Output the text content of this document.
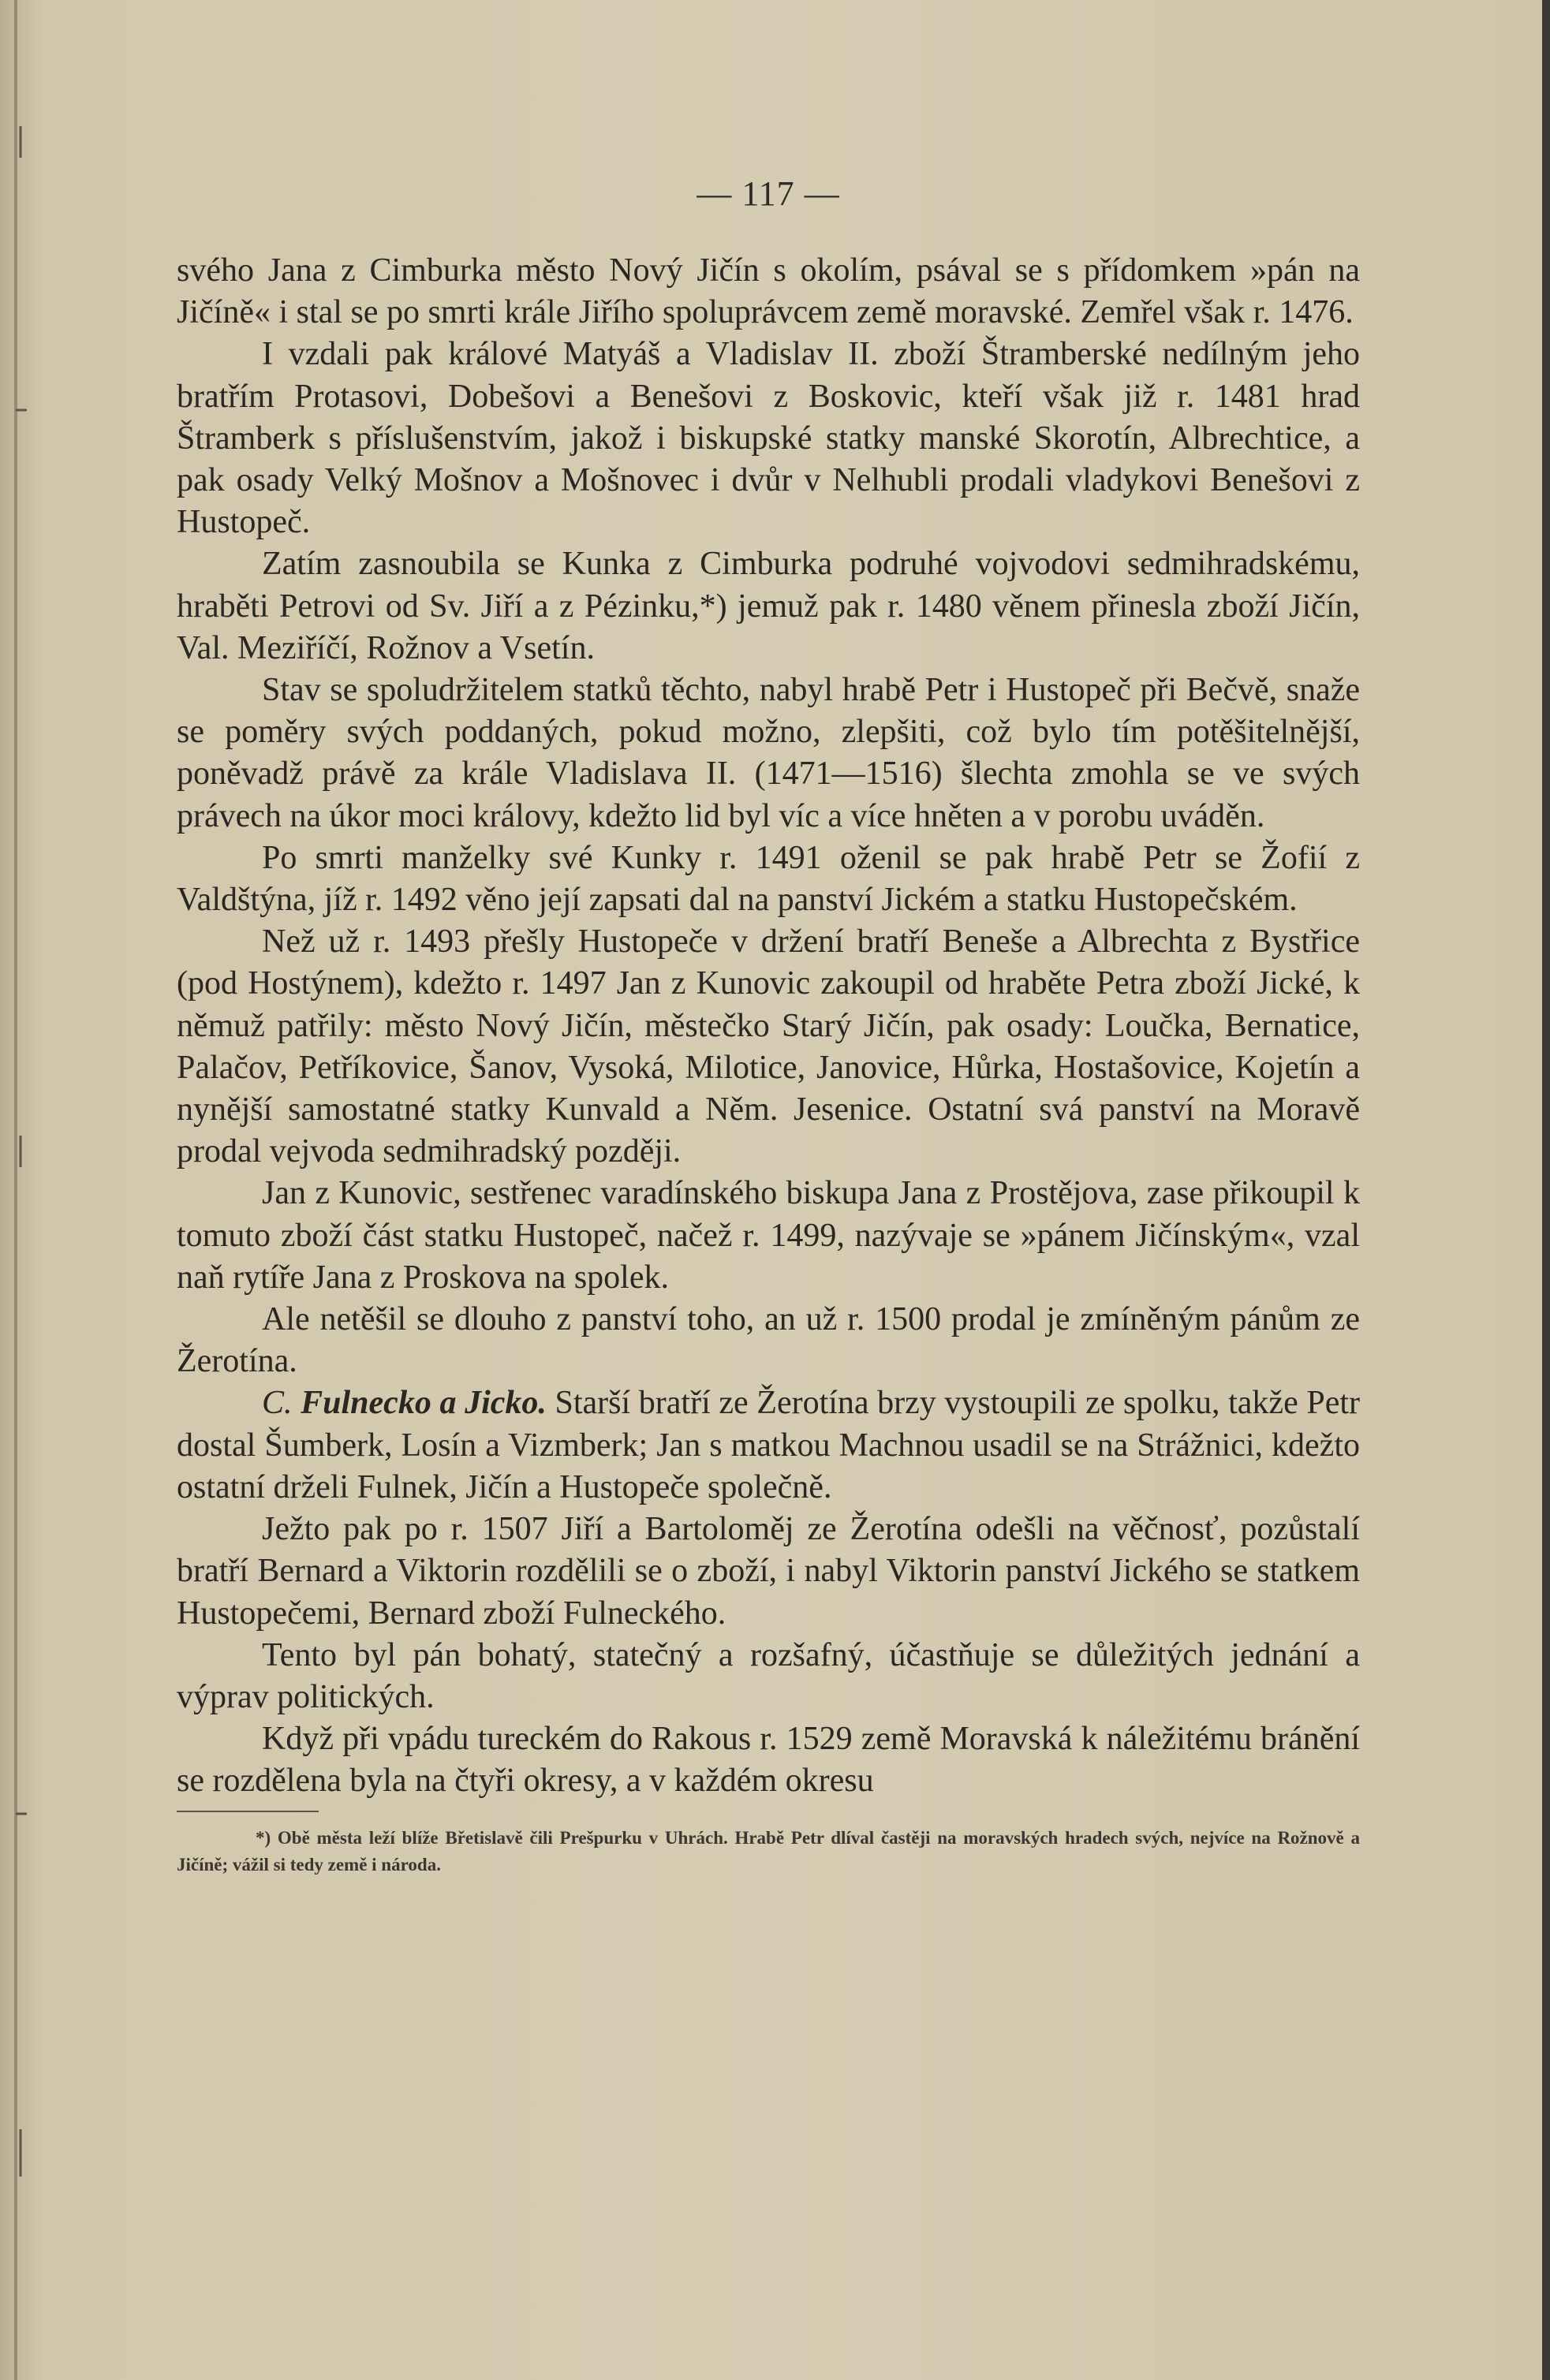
— 117 —

svého Jana z Cimburka město Nový Jičín s okolím, psával se s přídomkem »pán na Jičíně« i stal se po smrti krále Jiřího spoluprávcem země moravské. Zemřel však r. 1476.

I vzdali pak králové Matyáš a Vladislav II. zboží Štramberské nedílným jeho bratřím Protasovi, Dobešovi a Benešovi z Boskovic, kteří však již r. 1481 hrad Štramberk s příslušenstvím, jakož i biskupské statky manské Skorotín, Albrechtice, a pak osady Velký Mošnov a Mošnovec i dvůr v Nelhubli prodali vladykovi Benešovi z Hustopeč.

Zatím zasnoubila se Kunka z Cimburka podruhé vojvodovi sedmihradskému, hraběti Petrovi od Sv. Jiří a z Pézinku,*) jemuž pak r. 1480 věnem přinesla zboží Jičín, Val. Meziříčí, Rožnov a Vsetín.

Stav se spoludržitelem statků těchto, nabyl hrabě Petr i Hustopeč při Bečvě, snaže se poměry svých poddaných, pokud možno, zlepšiti, což bylo tím potěšitelnější, poněvadž právě za krále Vladislava II. (1471—1516) šlechta zmohla se ve svých právech na úkor moci královy, kdežto lid byl víc a více hněten a v porobu uváděn.

Po smrti manželky své Kunky r. 1491 oženil se pak hrabě Petr se Žofií z Valdštýna, jíž r. 1492 věno její zapsati dal na panství Jickém a statku Hustopečském.

Než už r. 1493 přešly Hustopeče v držení bratří Beneše a Albrechta z Bystřice (pod Hostýnem), kdežto r. 1497 Jan z Kunovic zakoupil od hraběte Petra zboží Jické, k němuž patřily: město Nový Jičín, městečko Starý Jičín, pak osady: Loučka, Bernatice, Palačov, Petříkovice, Šanov, Vysoká, Milotice, Janovice, Hůrka, Hostašovice, Kojetín a nynější samostatné statky Kunvald a Něm. Jesenice. Ostatní svá panství na Moravě prodal vejvoda sedmihradský později.

Jan z Kunovic, sestřenec varadínského biskupa Jana z Prostějova, zase přikoupil k tomuto zboží část statku Hustopeč, načež r. 1499, nazývaje se »pánem Jičínským«, vzal naň rytíře Jana z Proskova na spolek.

Ale netěšil se dlouho z panství toho, an už r. 1500 prodal je zmíněným pánům ze Žerotína.

C. Fulnecko a Jicko. Starší bratří ze Žerotína brzy vystoupili ze spolku, takže Petr dostal Šumberk, Losín a Vizmberk; Jan s matkou Machnou usadil se na Strážnici, kdežto ostatní drželi Fulnek, Jičín a Hustopeče společně.

Ježto pak po r. 1507 Jiří a Bartoloměj ze Žerotína odešli na věčnosť, pozůstalí bratří Bernard a Viktorin rozdělili se o zboží, i nabyl Viktorin panství Jického se statkem Hustopečemi, Bernard zboží Fulneckého.

Tento byl pán bohatý, statečný a rozšafný, účastňuje se důležitých jednání a výprav politických.

Když při vpádu tureckém do Rakous r. 1529 země Moravská k náležitému bránění se rozdělena byla na čtyři okresy, a v každém okresu

*) Obě města leží blíže Břetislavě čili Prešpurku v Uhrách. Hrabě Petr dlíval častěji na moravských hradech svých, nejvíce na Rožnově a Jičíně; vážil si tedy země i národa.
